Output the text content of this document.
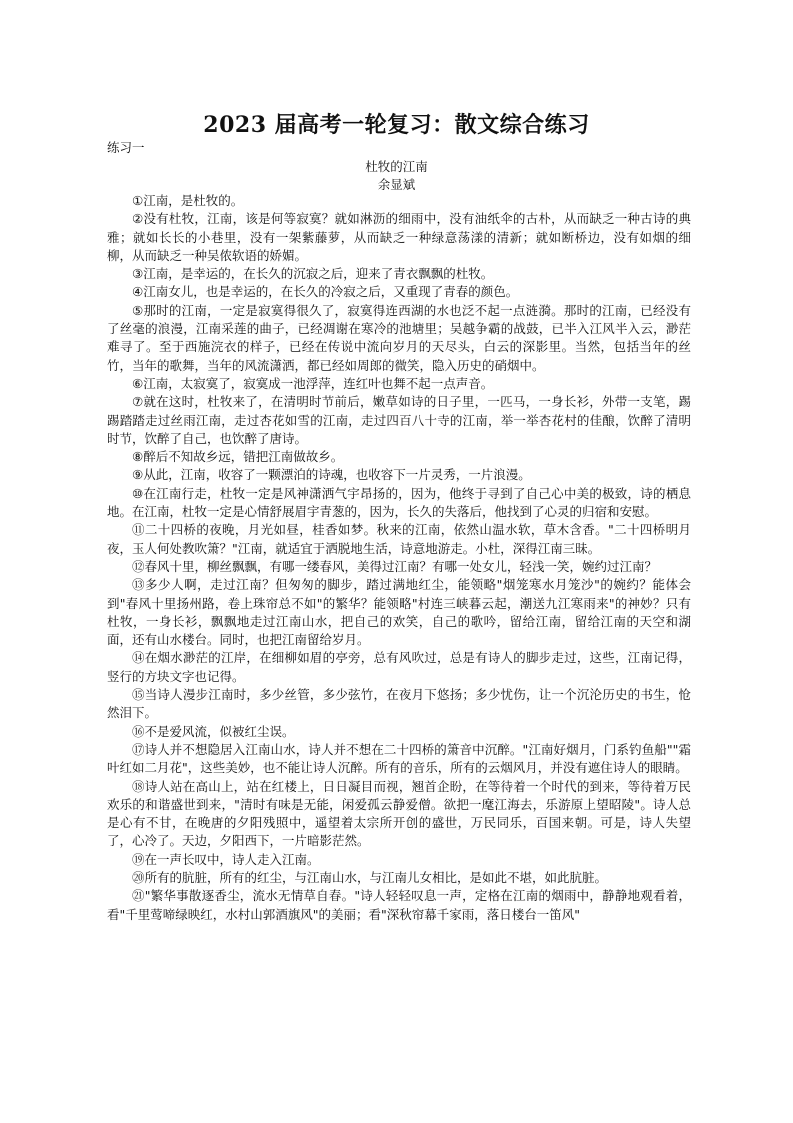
2023 届高考一轮复习：散文综合练习
练习一
杜牧的江南
余显斌

①江南，是杜牧的。

②没有杜牧，江南，该是何等寂寞？就如淋沥的细雨中，没有油纸伞的古朴，从而缺乏一种古诗的典雅；就如长长的小巷里，没有一架紫藤萝，从而缺乏一种绿意荡漾的清新；就如断桥边，没有如烟的细柳，从而缺乏一种吴侬软语的娇媚。

③江南，是幸运的，在长久的沉寂之后，迎来了青衣飘飘的杜牧。

④江南女儿，也是幸运的，在长久的冷寂之后，又重现了青春的颜色。

⑤那时的江南，一定是寂寞得很久了，寂寞得连西湖的水也泛不起一点涟漪。那时的江南，已经没有了丝毫的浪漫，江南采莲的曲子，已经凋谢在寒冷的池塘里；吴越争霸的战鼓，已半入江风半入云，渺茫难寻了。至于西施浣衣的样子，已经在传说中流向岁月的天尽头，白云的深影里。当然，包括当年的丝竹，当年的歌舞，当年的风流潇洒，都已经如周郎的微笑，隐入历史的硝烟中。

⑥江南，太寂寞了，寂寞成一池浮萍，连红叶也舞不起一点声音。

⑦就在这时，杜牧来了，在清明时节前后，嫩草如诗的日子里，一匹马，一身长衫，外带一支笔，踢踢踏踏走过丝雨江南，走过杏花如雪的江南，走过四百八十寺的江南，举一举杏花村的佳酿，饮醉了清明时节，饮醉了自己，也饮醉了唐诗。

⑧醉后不知故乡远，错把江南做故乡。

⑨从此，江南，收容了一颗漂泊的诗魂，也收容下一片灵秀，一片浪漫。

⑩在江南行走，杜牧一定是风神潇洒气宇昂扬的，因为，他终于寻到了自己心中美的极致，诗的栖息地。在江南，杜牧一定是心情舒展眉宇青葱的，因为，长久的失落后，他找到了心灵的归宿和安慰。

⑪二十四桥的夜晚，月光如昼，桂香如梦。秋来的江南，依然山温水软，草木含香。"二十四桥明月夜，玉人何处教吹箫？"江南，就适宜于洒脱地生活，诗意地游走。小杜，深得江南三昧。

⑫春风十里，柳丝飘飘，有哪一缕春风，美得过江南？有哪一处女儿，轻浅一笑，婉约过江南？

⑬多少人啊，走过江南？但匆匆的脚步，踏过满地红尘，能领略"烟笼寒水月笼沙"的婉约？能体会到"春风十里扬州路，卷上珠帘总不如"的繁华？能领略"村连三峡暮云起，潮送九江寒雨来"的神妙？只有杜牧，一身长衫，飘飘地走过江南山水，把自己的欢笑，自己的歌吟，留给江南，留给江南的天空和湖面，还有山水楼台。同时，也把江南留给岁月。

⑭在烟水渺茫的江岸，在细柳如眉的亭旁，总有风吹过，总是有诗人的脚步走过，这些，江南记得，竖行的方块文字也记得。

⑮当诗人漫步江南时，多少丝管，多少弦竹，在夜月下悠扬；多少忧伤，让一个沉沦历史的书生，怆然泪下。

⑯不是爱风流，似被红尘误。

⑰诗人并不想隐居入江南山水，诗人并不想在二十四桥的箫音中沉醉。"江南好烟月，门系钓鱼船""霜叶红如二月花"，这些美妙，也不能让诗人沉醉。所有的音乐，所有的云烟风月，并没有遮住诗人的眼睛。

⑱诗人站在高山上，站在红楼上，日日凝目而视，翘首企盼，在等待着一个时代的到来，等待着万民欢乐的和谐盛世到来，"清时有味是无能，闲爱孤云静爱僧。欲把一麾江海去，乐游原上望昭陵"。诗人总是心有不甘，在晚唐的夕阳残照中，遥望着太宗所开创的盛世，万民同乐，百国来朝。可是，诗人失望了，心冷了。天边，夕阳西下，一片暗影茫然。

⑲在一声长叹中，诗人走入江南。

⑳所有的肮脏，所有的红尘，与江南山水，与江南儿女相比，是如此不堪，如此肮脏。

㉑"繁华事散逐香尘，流水无情草自春。"诗人轻轻叹息一声，定格在江南的烟雨中，静静地观看着，看"千里莺啼绿映红，水村山郭酒旗风"的美丽；看"深秋帘幕千家雨，落日楼台一笛风"
